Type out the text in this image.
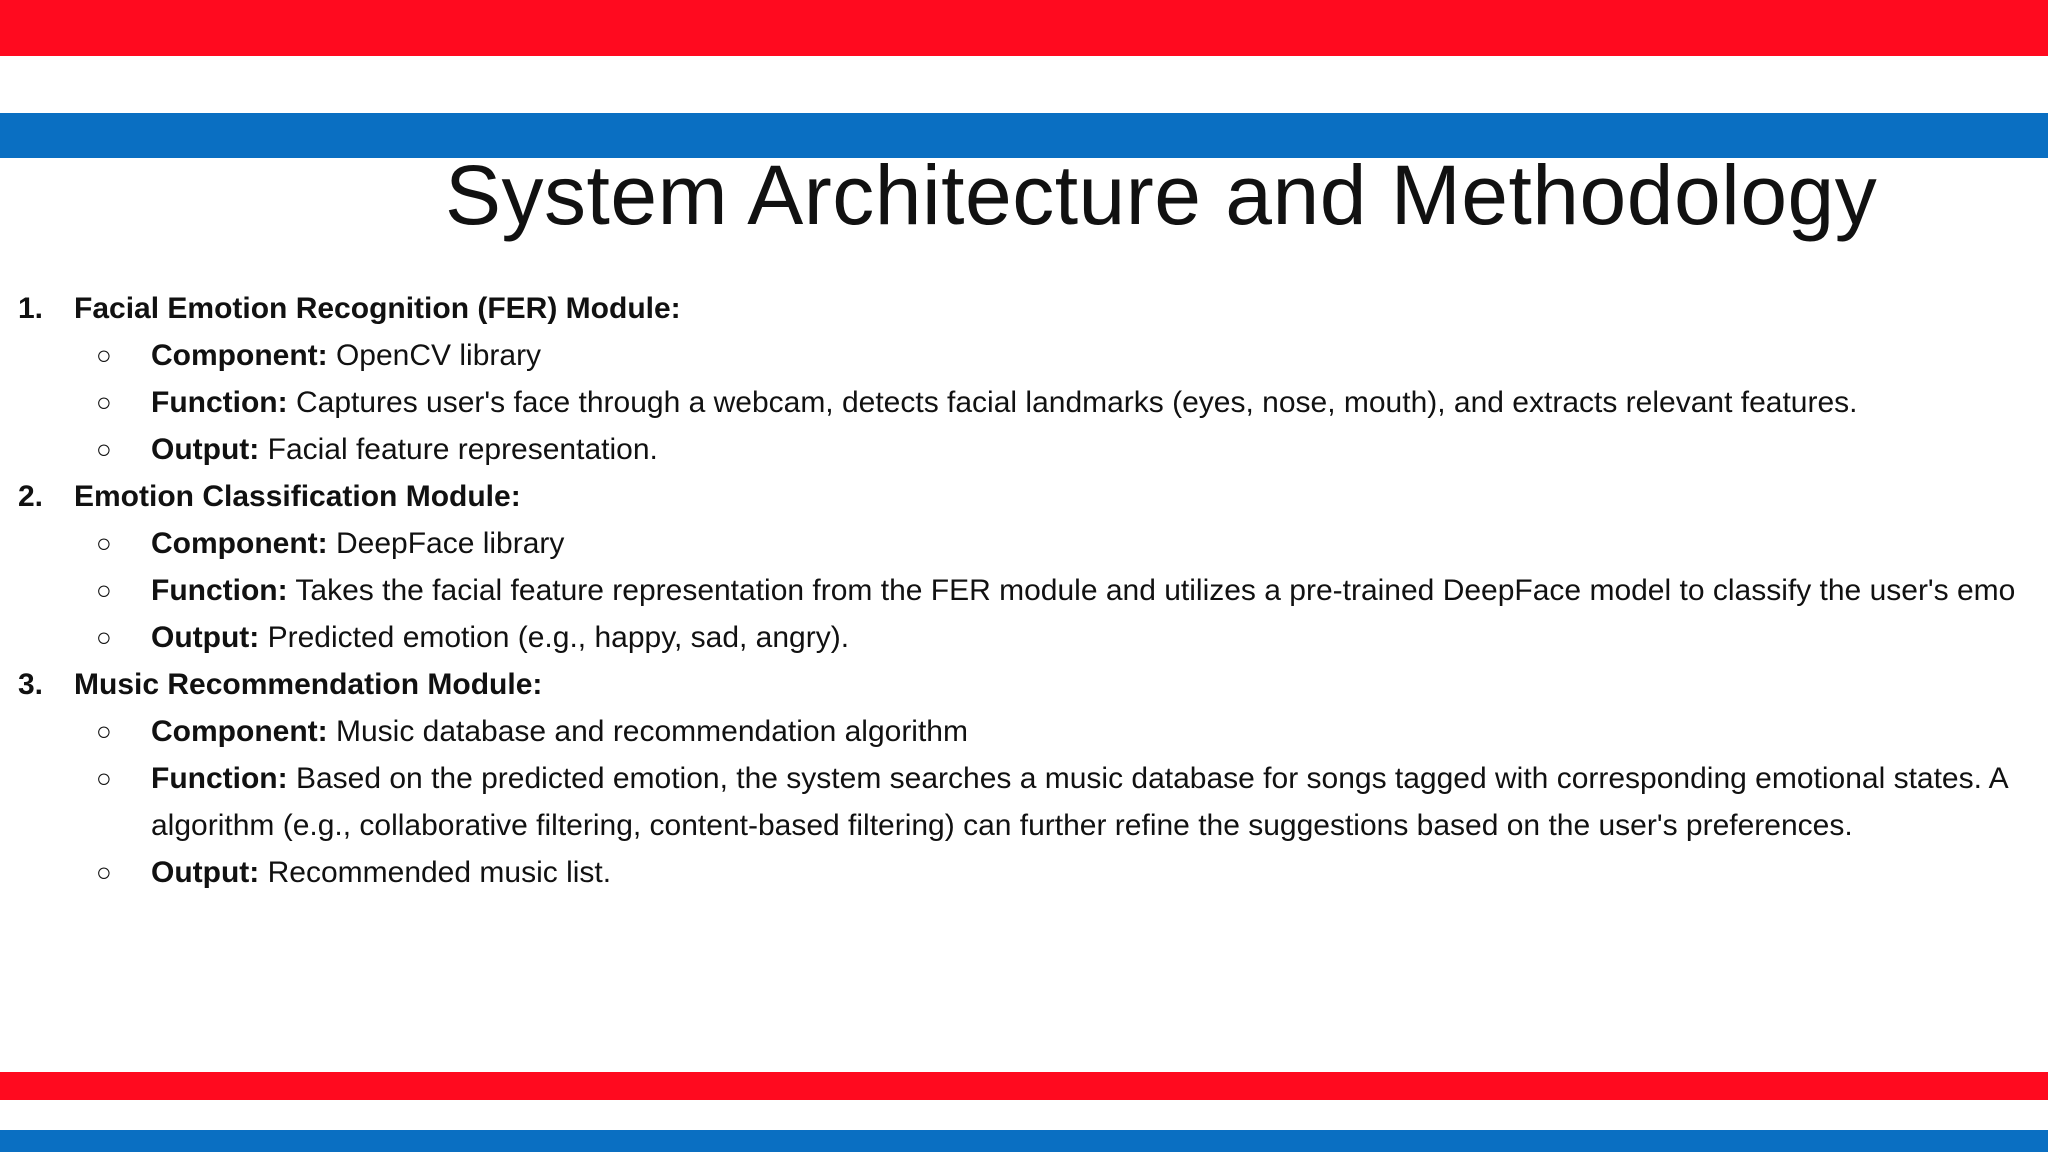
System Architecture and Methodology
1.	Facial Emotion Recognition (FER) Module:
○ Component: OpenCV library
○ Function: Captures user's face through a webcam, detects facial landmarks (eyes, nose, mouth), and extracts relevant features.
○ Output: Facial feature representation.
2.	Emotion Classification Module:
○ Component: DeepFace library
○ Function: Takes the facial feature representation from the FER module and utilizes a pre-trained DeepFace model to classify the user's emo
○ Output: Predicted emotion (e.g., happy, sad, angry).
3.	Music Recommendation Module:
○ Component: Music database and recommendation algorithm
○ Function: Based on the predicted emotion, the system searches a music database for songs tagged with corresponding emotional states. A algorithm (e.g., collaborative filtering, content-based filtering) can further refine the suggestions based on the user's preferences.
○ Output: Recommended music list.
